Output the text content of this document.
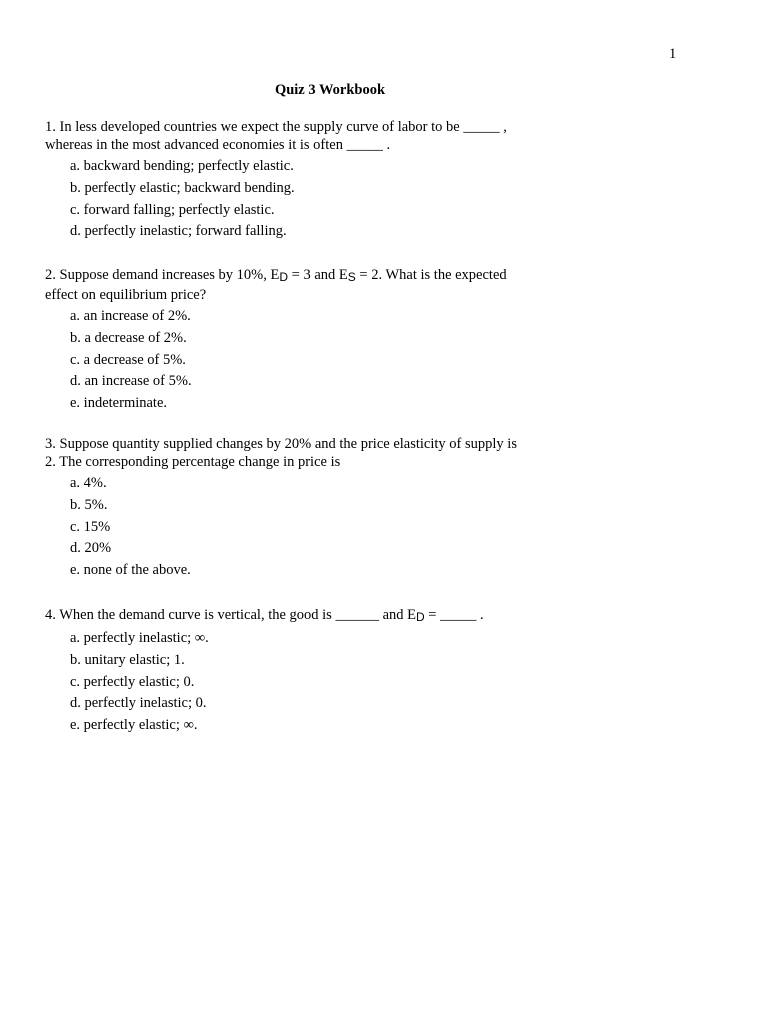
1
Quiz 3 Workbook
1. In less developed countries we expect the supply curve of labor to be _____ ,
whereas in the most advanced economies it is often _____ .
a. backward bending; perfectly elastic.
b. perfectly elastic; backward bending.
c. forward falling; perfectly elastic.
d. perfectly inelastic; forward falling.
2. Suppose demand increases by 10%, ED = 3 and ES = 2. What is the expected
effect on equilibrium price?
a. an increase of 2%.
b. a decrease of 2%.
c. a decrease of 5%.
d. an increase of 5%.
e. indeterminate.
3. Suppose quantity supplied changes by 20% and the price elasticity of supply is
2. The corresponding percentage change in price is
a. 4%.
b. 5%.
c. 15%
d. 20%
e. none of the above.
4. When the demand curve is vertical, the good is ______ and ED = _____ .
a. perfectly inelastic; ∞.
b. unitary elastic; 1.
c. perfectly elastic; 0.
d. perfectly inelastic; 0.
e. perfectly elastic; ∞.
